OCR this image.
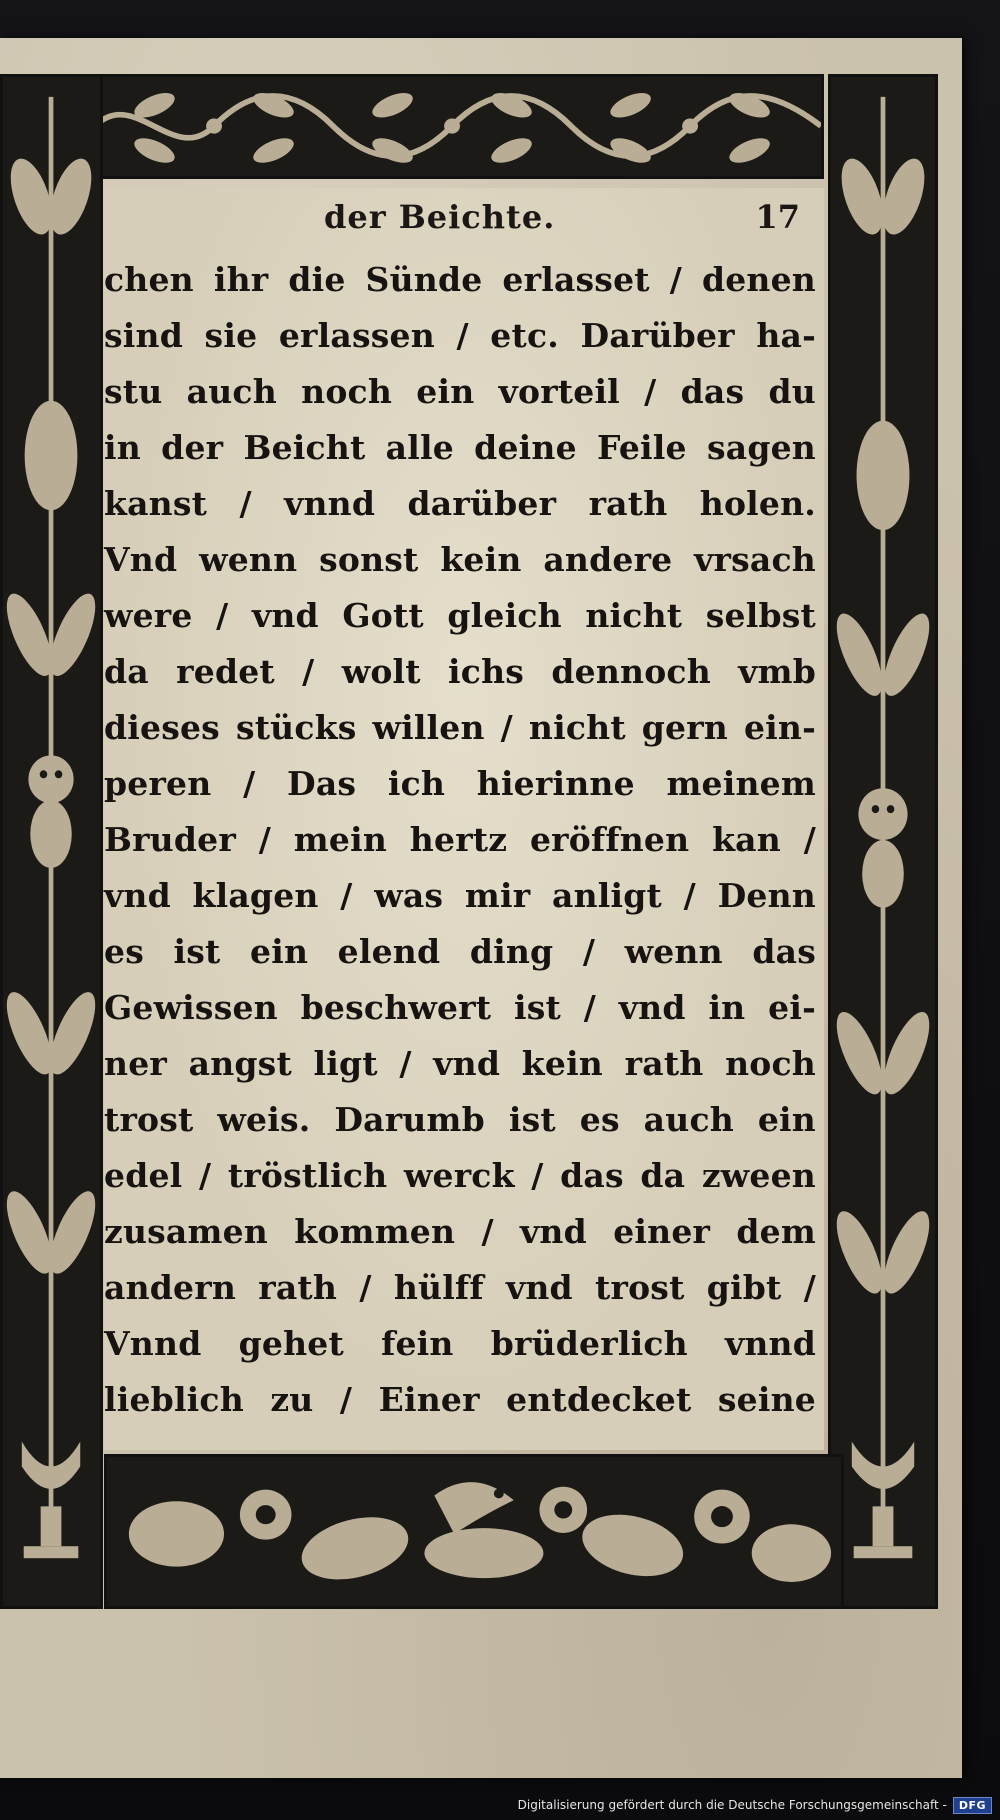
der Beichte.	17
chen ihr die Sünde erlasset / denen
sind sie erlassen / etc. Darüber ha-
stu auch noch ein vorteil / das du
in der Beicht alle deine Feile sagen
kanst / vnnd darüber rath holen.
Vnd wenn sonst kein andere vrsach
were / vnd Gott gleich nicht selbst
da redet / wolt ichs dennoch vmb
dieses stücks willen / nicht gern ein-
peren / Das ich hierinne meinem
Bruder / mein hertz eröffnen kan /
vnd klagen / was mir anligt / Denn
es ist ein elend ding / wenn das
Gewissen beschwert ist / vnd in ei-
ner angst ligt / vnd kein rath noch
trost weis. Darumb ist es auch ein
edel / tröstlich werck / das da zween
zusamen kommen / vnd einer dem
andern rath / hülff vnd trost gibt /
Vnnd gehet fein brüderlich vnnd
lieblich zu / Einer entdecket seine
Digitalisierung gefördert durch die Deutsche Forschungsgemeinschaft -	DFG
